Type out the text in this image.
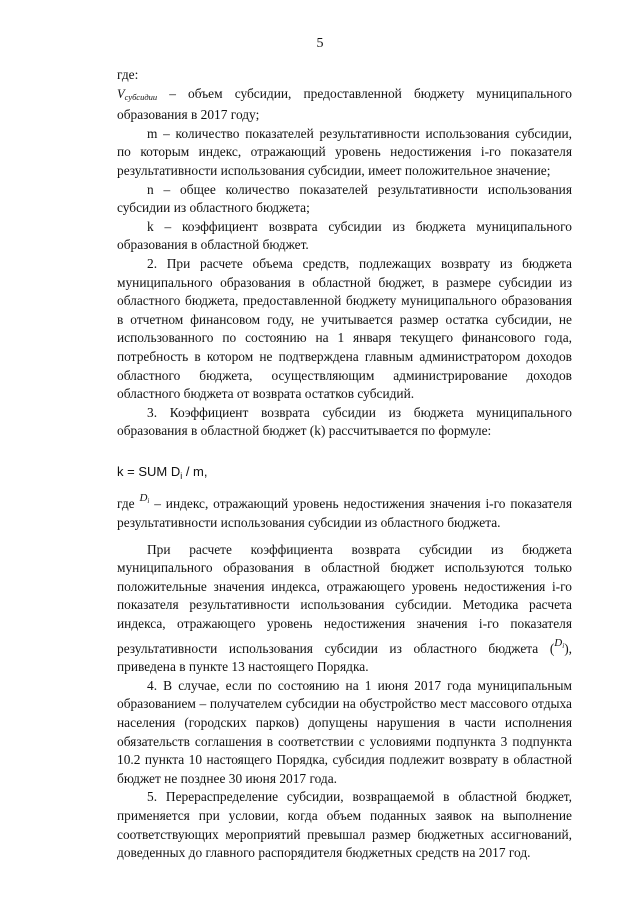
5

где:

Vсубсидии – объем субсидии, предоставленной бюджету муниципального образования в 2017 году;

m – количество показателей результативности использования субсидии, по которым индекс, отражающий уровень недостижения i-го показателя результативности использования субсидии, имеет положительное значение;

n – общее количество показателей результативности использования субсидии из областного бюджета;

k – коэффициент возврата субсидии из бюджета муниципального образования в областной бюджет.

2. При расчете объема средств, подлежащих возврату из бюджета муниципального образования в областной бюджет, в размере субсидии из областного бюджета, предоставленной бюджету муниципального образования в отчетном финансовом году, не учитывается размер остатка субсидии, не использованного по состоянию на 1 января текущего финансового года, потребность в котором не подтверждена главным администратором доходов областного бюджета, осуществляющим администрирование доходов областного бюджета от возврата остатков субсидий.

3. Коэффициент возврата субсидии из бюджета муниципального образования в областной бюджет (k) рассчитывается по формуле:

k = SUM $D_i$ / m,

где $^{D_i}$ – индекс, отражающий уровень недостижения значения i-го показателя результативности использования субсидии из областного бюджета.

При расчете коэффициента возврата субсидии из бюджета муниципального образования в областной бюджет используются только положительные значения индекса, отражающего уровень недостижения i-го показателя результативности использования субсидии. Методика расчета индекса, отражающего уровень недостижения значения i-го показателя результативности использования субсидии из областного бюджета ($^{D_i}$), приведена в пункте 13 настоящего Порядка.

4. В случае, если по состоянию на 1 июня 2017 года муниципальным образованием – получателем субсидии на обустройство мест массового отдыха населения (городских парков) допущены нарушения в части исполнения обязательств соглашения в соответствии с условиями подпункта 3 подпункта 10.2 пункта 10 настоящего Порядка, субсидия подлежит возврату в областной бюджет не позднее 30 июня 2017 года.

5. Перераспределение субсидии, возвращаемой в областной бюджет, применяется при условии, когда объем поданных заявок на выполнение соответствующих мероприятий превышал размер бюджетных ассигнований, доведенных до главного распорядителя бюджетных средств на 2017 год.
